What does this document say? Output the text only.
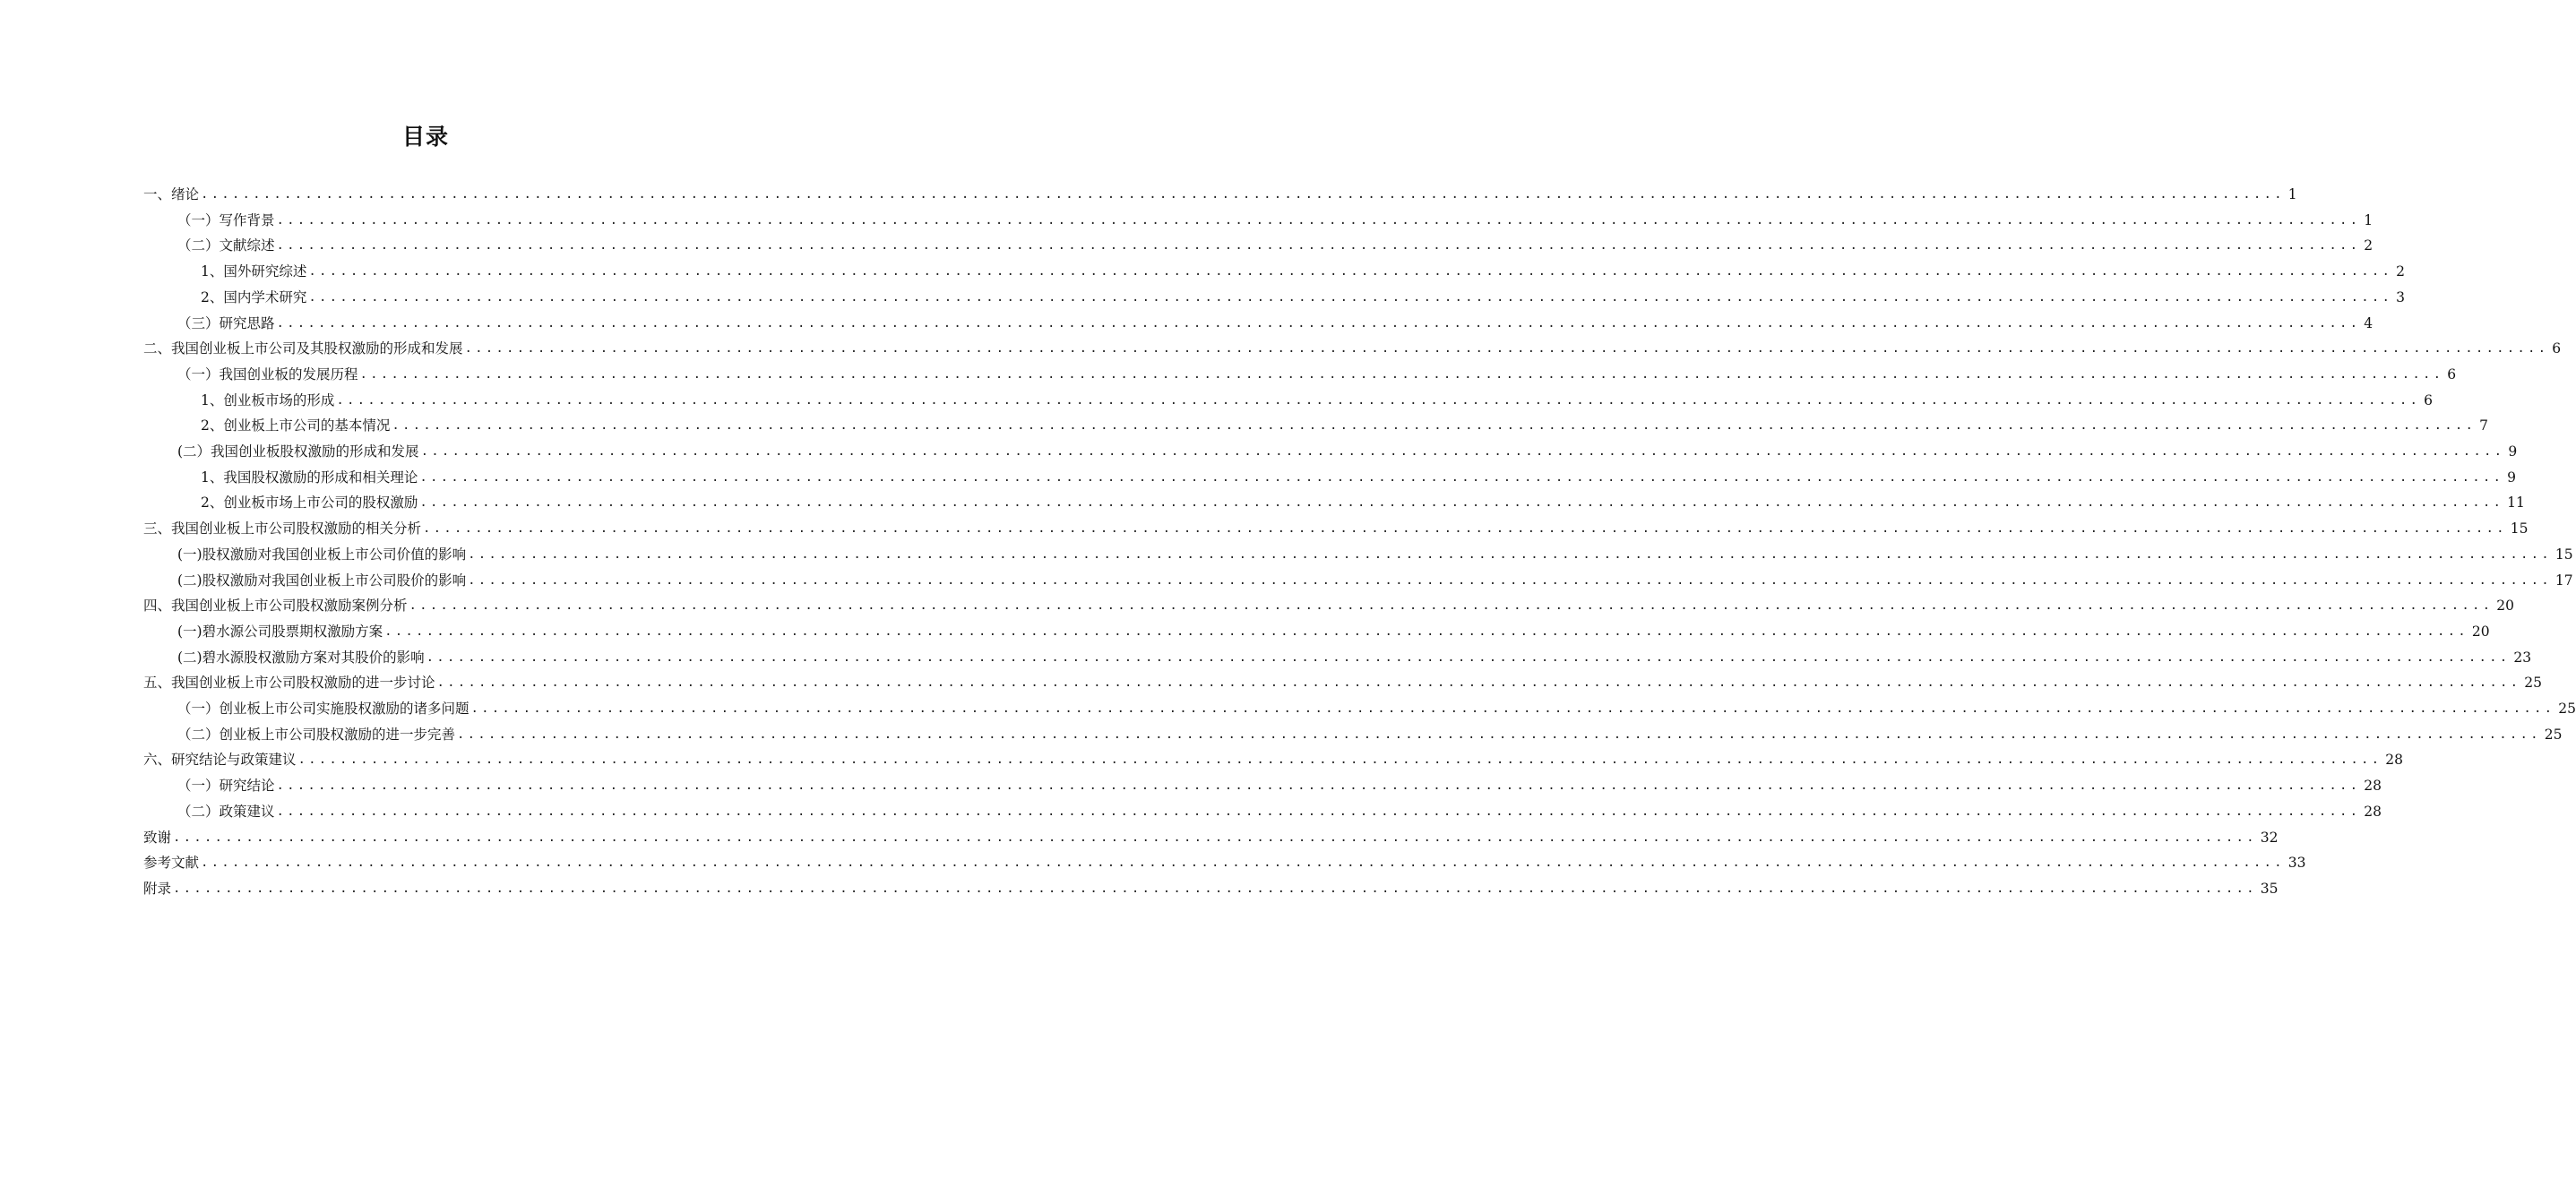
目录
一、绪论 ........................................................................................................................................................................................................ 1
（一）写作背景 ........................................................................................................................................................................................................ 1
（二）文献综述 ........................................................................................................................................................................................................ 2
1、国外研究综述 ........................................................................................................................................................................................................ 2
2、国内学术研究 ........................................................................................................................................................................................................ 3
（三）研究思路 ........................................................................................................................................................................................................ 4
二、我国创业板上市公司及其股权激励的形成和发展 ........................................................................................................................................................................................................ 6
（一）我国创业板的发展历程 ........................................................................................................................................................................................................ 6
1、创业板市场的形成 ........................................................................................................................................................................................................ 6
2、创业板上市公司的基本情况 ........................................................................................................................................................................................................ 7
(二）我国创业板股权激励的形成和发展 ........................................................................................................................................................................................................ 9
1、我国股权激励的形成和相关理论 ........................................................................................................................................................................................................ 9
2、创业板市场上市公司的股权激励 ........................................................................................................................................................................................................ 11
三、我国创业板上市公司股权激励的相关分析 ........................................................................................................................................................................................................ 15
(一)股权激励对我国创业板上市公司价值的影响 ........................................................................................................................................................................................................ 15
(二)股权激励对我国创业板上市公司股价的影响 ........................................................................................................................................................................................................ 17
四、我国创业板上市公司股权激励案例分析 ........................................................................................................................................................................................................ 20
(一)碧水源公司股票期权激励方案 ........................................................................................................................................................................................................ 20
(二)碧水源股权激励方案对其股价的影响 ........................................................................................................................................................................................................ 23
五、我国创业板上市公司股权激励的进一步讨论 ........................................................................................................................................................................................................ 25
（一）创业板上市公司实施股权激励的诸多问题 ........................................................................................................................................................................................................ 25
（二）创业板上市公司股权激励的进一步完善 ........................................................................................................................................................................................................ 25
六、研究结论与政策建议 ........................................................................................................................................................................................................ 28
（一）研究结论 ........................................................................................................................................................................................................ 28
（二）政策建议 ........................................................................................................................................................................................................ 28
致谢 ........................................................................................................................................................................................................ 32
参考文献 ........................................................................................................................................................................................................ 33
附录 ........................................................................................................................................................................................................ 35
